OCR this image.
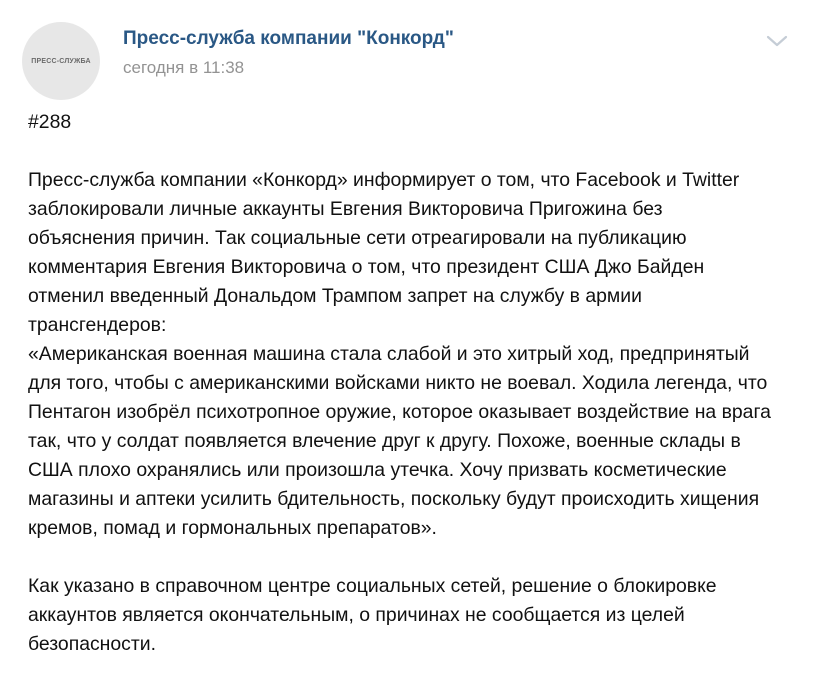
ПРЕСС-СЛУЖБА
Пресс-служба компании "Конкорд"
сегодня в 11:38
#288
Пресс-служба компании «Конкорд» информирует о том, что Facebook и Twitter
заблокировали личные аккаунты Евгения Викторовича Пригожина без
объяснения причин. Так социальные сети отреагировали на публикацию
комментария Евгения Викторовича о том, что президент США Джо Байден
отменил введенный Дональдом Трампом запрет на службу в армии
трансгендеров:
«Американская военная машина стала слабой и это хитрый ход, предпринятый
для того, чтобы с американскими войсками никто не воевал. Ходила легенда, что
Пентагон изобрёл психотропное оружие, которое оказывает воздействие на врага
так, что у солдат появляется влечение друг к другу. Похоже, военные склады в
США плохо охранялись или произошла утечка. Хочу призвать косметические
магазины и аптеки усилить бдительность, поскольку будут происходить хищения
кремов, помад и гормональных препаратов».
Как указано в справочном центре социальных сетей, решение о блокировке
аккаунтов является окончательным, о причинах не сообщается из целей
безопасности.
